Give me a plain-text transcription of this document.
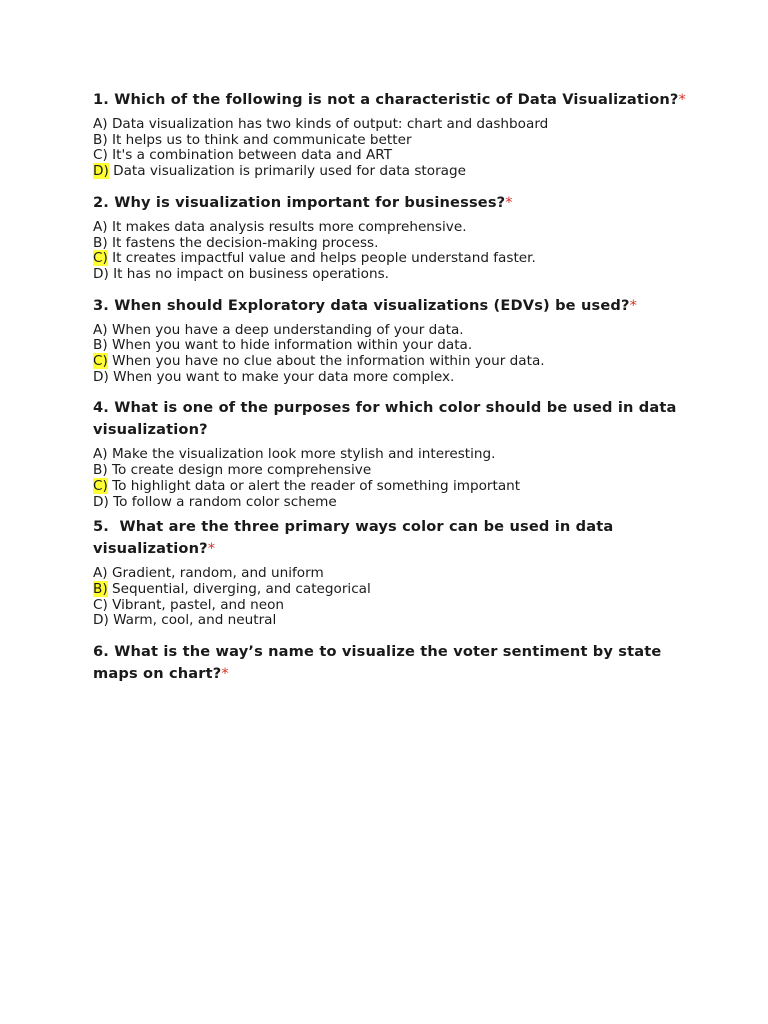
1. Which of the following is not a characteristic of Data Visualization?*

A) Data visualization has two kinds of output: chart and dashboard
B) It helps us to think and communicate better
C) It's a combination between data and ART
D) Data visualization is primarily used for data storage

2. Why is visualization important for businesses?*

A) It makes data analysis results more comprehensive.
B) It fastens the decision-making process.
C) It creates impactful value and helps people understand faster.
D) It has no impact on business operations.

3. When should Exploratory data visualizations (EDVs) be used?*

A) When you have a deep understanding of your data.
B) When you want to hide information within your data.
C) When you have no clue about the information within your data.
D) When you want to make your data more complex.

4. What is one of the purposes for which color should be used in data visualization?

A) Make the visualization look more stylish and interesting.
B) To create design more comprehensive
C) To highlight data or alert the reader of something important
D) To follow a random color scheme

5.  What are the three primary ways color can be used in data visualization?*

A) Gradient, random, and uniform
B) Sequential, diverging, and categorical
C) Vibrant, pastel, and neon
D) Warm, cool, and neutral

6. What is the way’s name to visualize the voter sentiment by state maps on chart?*
